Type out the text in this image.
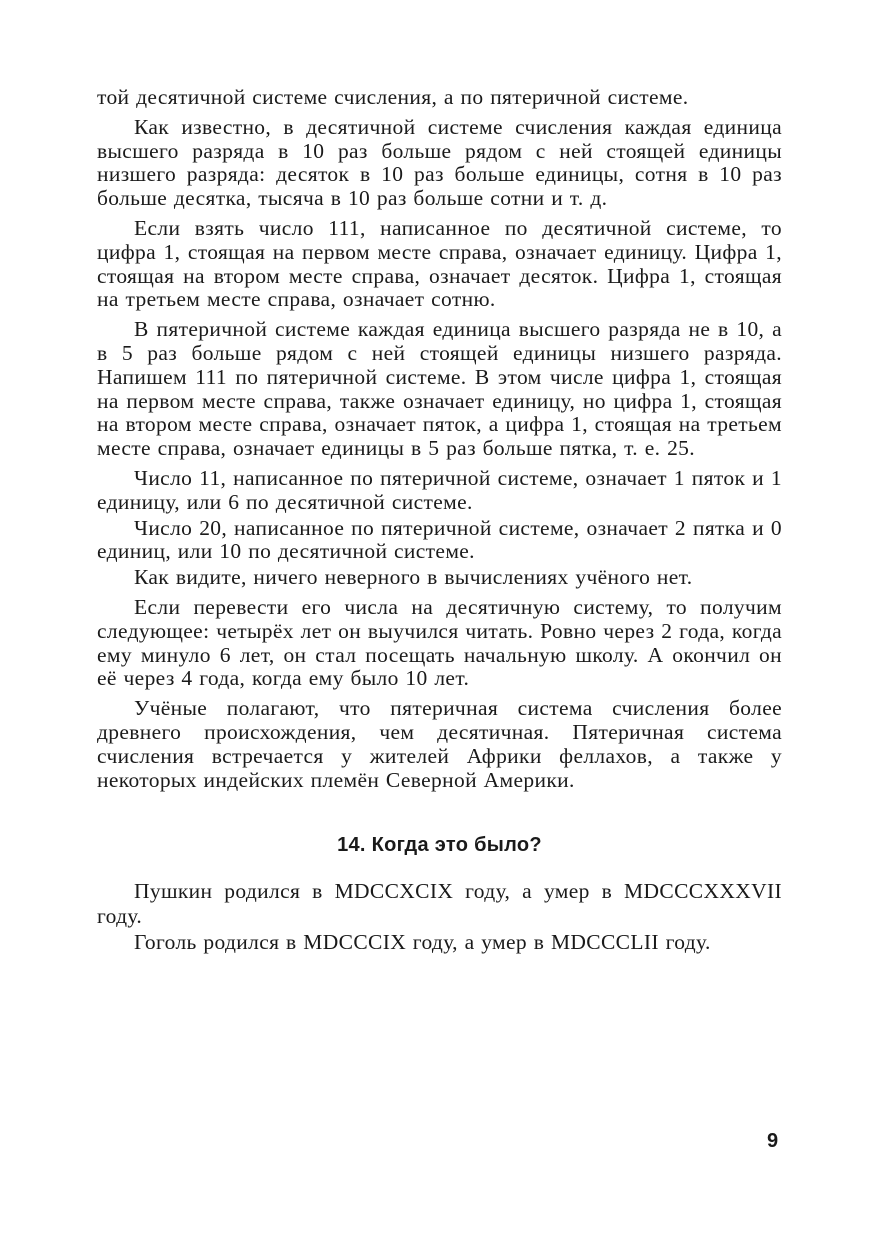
той десятичной системе счисления, а по пятеричной системе.

Как известно, в десятичной системе счисления каждая единица высшего разряда в 10 раз больше рядом с ней стоящей единицы низшего разряда: десяток в 10 раз больше единицы, сотня в 10 раз больше десятка, тысяча в 10 раз больше сотни и т. д.

Если взять число 111, написанное по десятичной системе, то цифра 1, стоящая на первом месте справа, означает единицу. Цифра 1, стоящая на втором месте справа, означает десяток. Цифра 1, стоящая на третьем месте справа, означает сотню.

В пятеричной системе каждая единица высшего разряда не в 10, а в 5 раз больше рядом с ней стоящей единицы низшего разряда. Напишем 111 по пятеричной системе. В этом числе цифра 1, стоящая на первом месте справа, также означает единицу, но цифра 1, стоящая на втором месте справа, означает пяток, а цифра 1, стоящая на третьем месте справа, означает единицы в 5 раз больше пятка, т. е. 25.

Число 11, написанное по пятеричной системе, означает 1 пяток и 1 единицу, или 6 по десятичной системе.

Число 20, написанное по пятеричной системе, означает 2 пятка и 0 единиц, или 10 по десятичной системе.

Как видите, ничего неверного в вычислениях учёного нет.

Если перевести его числа на десятичную систему, то получим следующее: четырёх лет он выучился читать. Ровно через 2 года, когда ему минуло 6 лет, он стал посещать начальную школу. А окончил он её через 4 года, когда ему было 10 лет.

Учёные полагают, что пятеричная система счисления более древнего происхождения, чем десятичная. Пятеричная система счисления встречается у жителей Африки феллахов, а также у некоторых индейских племён Северной Америки.

14. Когда это было?

Пушкин родился в MDCCXCIX году, а умер в MDCCCXXXVII году.

Гоголь родился в MDCCCIX году, а умер в MDCCCLII году.

9
